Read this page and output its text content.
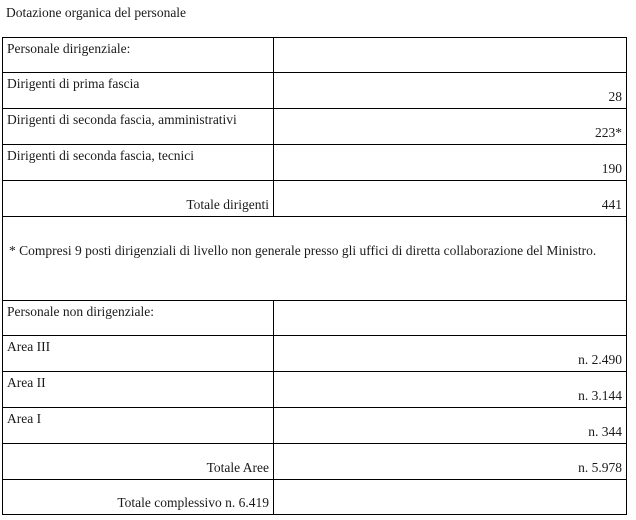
Dotazione organica del personale
Personale dirigenziale:	
Dirigenti di prima fascia	28
Dirigenti di seconda fascia, amministrativi	223*
Dirigenti di seconda fascia, tecnici	190
Totale dirigenti	441
* Compresi 9 posti dirigenziali di livello non generale presso gli uffici di diretta collaborazione del Ministro.	
Personale non dirigenziale:	
Area III	n. 2.490
Area II	n. 3.144
Area I	n. 344
Totale Aree	n. 5.978
Totale complessivo n. 6.419	
